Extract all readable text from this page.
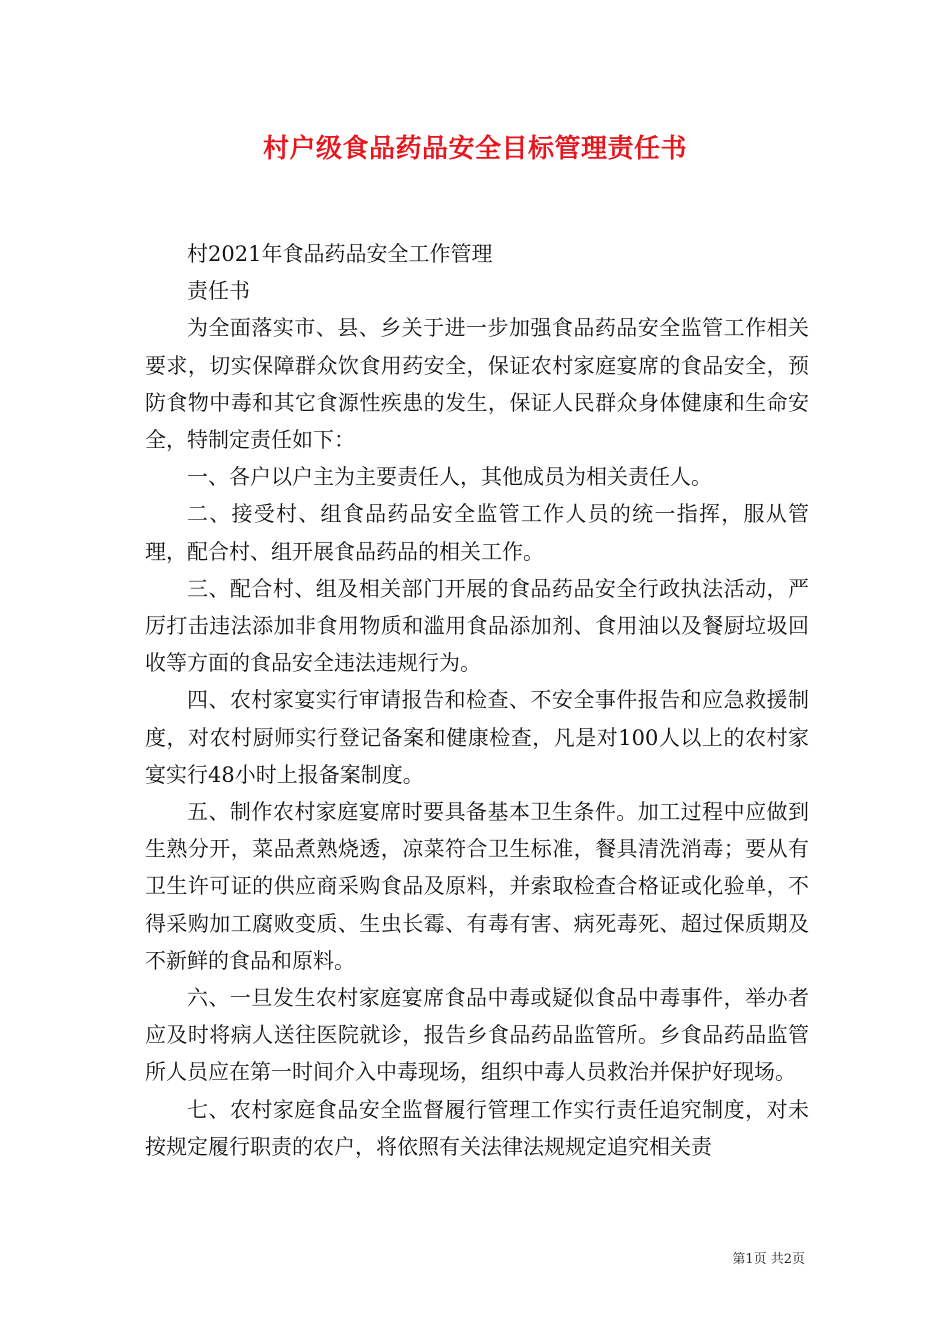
村户级食品药品安全目标管理责任书

村2021年食品药品安全工作管理

责任书

为全面落实市、县、乡关于进一步加强食品药品安全监管工作相关要求，切实保障群众饮食用药安全，保证农村家庭宴席的食品安全，预防食物中毒和其它食源性疾患的发生，保证人民群众身体健康和生命安全，特制定责任如下：

一、各户以户主为主要责任人，其他成员为相关责任人。

二、接受村、组食品药品安全监管工作人员的统一指挥，服从管理，配合村、组开展食品药品的相关工作。

三、配合村、组及相关部门开展的食品药品安全行政执法活动，严厉打击违法添加非食用物质和滥用食品添加剂、食用油以及餐厨垃圾回收等方面的食品安全违法违规行为。

四、农村家宴实行审请报告和检查、不安全事件报告和应急救援制度，对农村厨师实行登记备案和健康检查，凡是对100人以上的农村家宴实行48小时上报备案制度。

五、制作农村家庭宴席时要具备基本卫生条件。加工过程中应做到生熟分开，菜品煮熟烧透，凉菜符合卫生标准，餐具清洗消毒；要从有卫生许可证的供应商采购食品及原料，并索取检查合格证或化验单，不得采购加工腐败变质、生虫长霉、有毒有害、病死毒死、超过保质期及不新鲜的食品和原料。

六、一旦发生农村家庭宴席食品中毒或疑似食品中毒事件，举办者应及时将病人送往医院就诊，报告乡食品药品监管所。乡食品药品监管所人员应在第一时间介入中毒现场，组织中毒人员救治并保护好现场。

七、农村家庭食品安全监督履行管理工作实行责任追究制度，对未按规定履行职责的农户，将依照有关法律法规规定追究相关责

第1页 共2页
